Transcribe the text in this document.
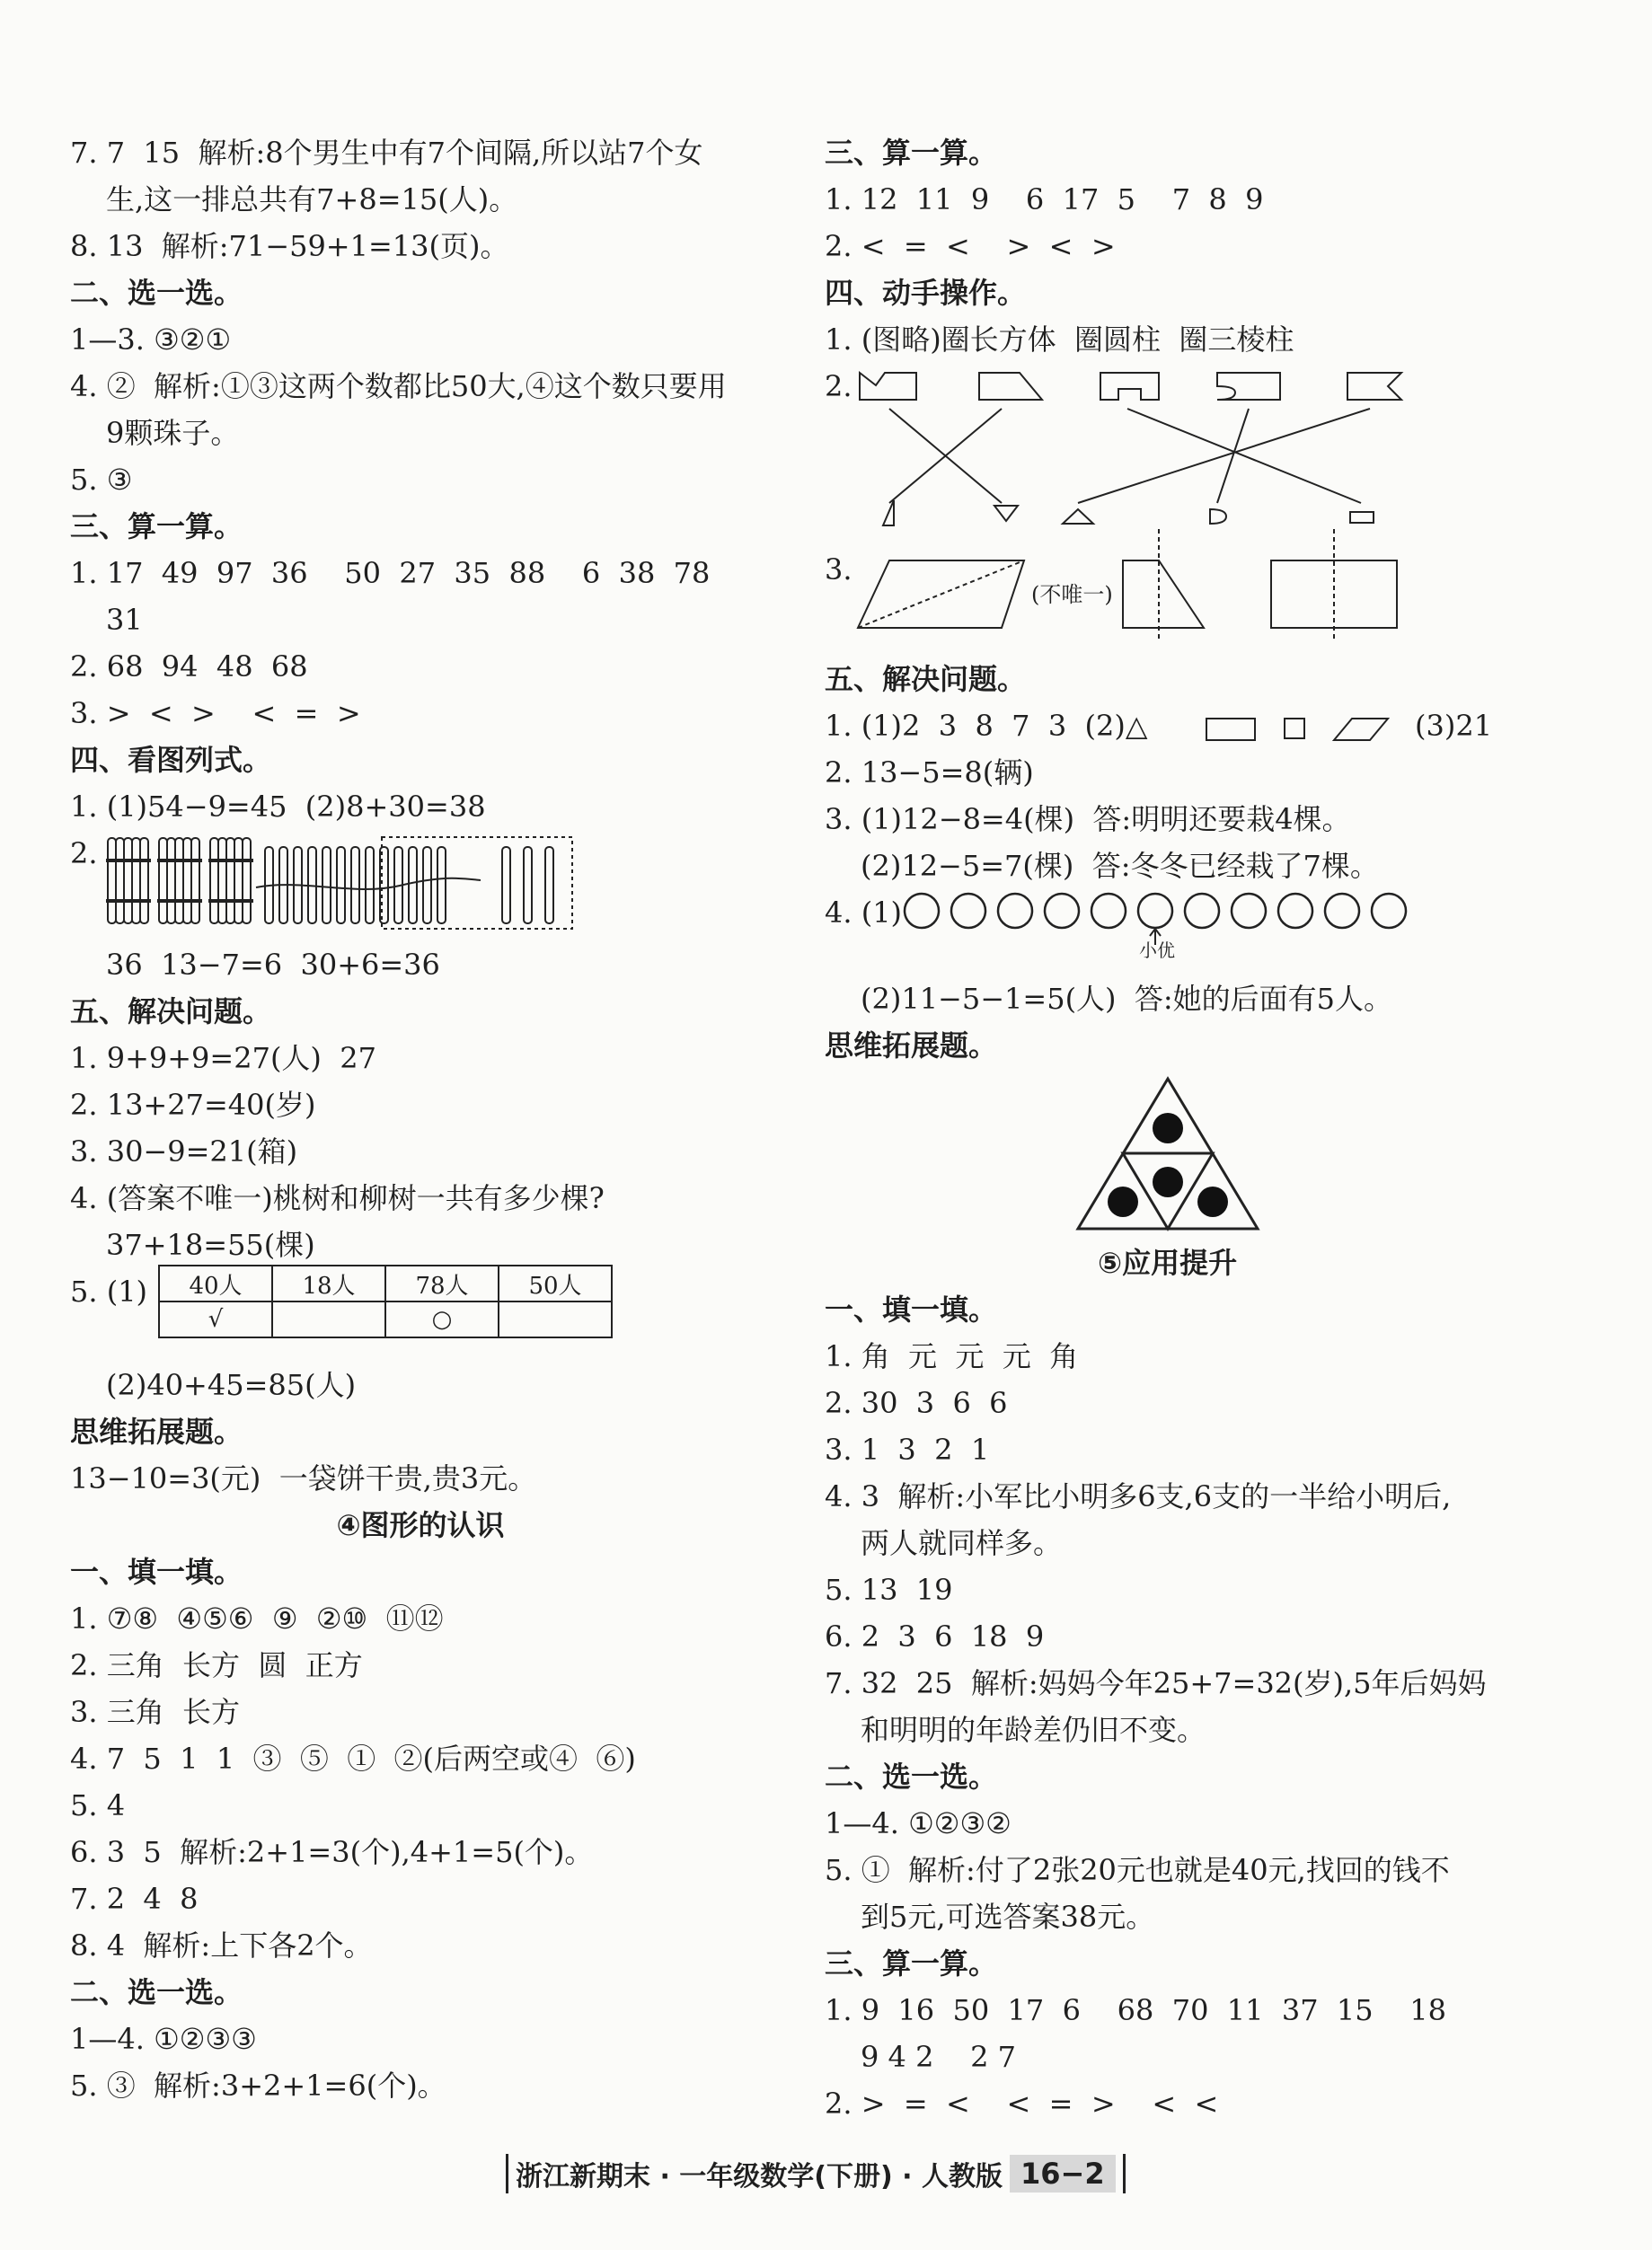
7. 7  15  解析:8个男生中有7个间隔,所以站7个女
生,这一排总共有7+8=15(人)。
8. 13  解析:71−59+1=13(页)。
二、选一选。
1—3. ③②①
4. ②  解析:①③这两个数都比50大,④这个数只要用
9颗珠子。
5. ③
三、算一算。
1. 17  49  97  36    50  27  35  88    6  38  78
31
2. 68  94  48  68
3. >  <  >    <  =  >
四、看图列式。
1. (1)54−9=45  (2)8+30=38
2.
36  13−7=6  30+6=36
五、解决问题。
1. 9+9+9=27(人)  27
2. 13+27=40(岁)
3. 30−9=21(箱)
4. (答案不唯一)桃树和柳树一共有多少棵?
37+18=55(棵)
5. (1) 40人	18人	78人	50人
√		○	
(2)40+45=85(人)
思维拓展题。
13−10=3(元)  一袋饼干贵,贵3元。
④图形的认识
一、填一填。
1. ⑦⑧  ④⑤⑥  ⑨  ②⑩  ⑪⑫
2. 三角  长方  圆  正方
3. 三角  长方
4. 7  5  1  1  ③  ⑤  ①  ②(后两空或④  ⑥)
5. 4
6. 3  5  解析:2+1=3(个),4+1=5(个)。
7. 2  4  8
8. 4  解析:上下各2个。
二、选一选。
1—4. ①②③③
5. ③  解析:3+2+1=6(个)。
三、算一算。
1. 12  11  9    6  17  5    7  8  9
2. <  =  <    >  <  >
四、动手操作。
1. (图略)圈长方体  圈圆柱  圈三棱柱
2.
3.
(不唯一)
五、解决问题。
1. (1)2  3  8  7  3  (2)△	(3)21
2. 13−5=8(辆)
3. (1)12−8=4(棵)  答:明明还要栽4棵。
(2)12−5=7(棵)  答:冬冬已经栽了7棵。
4. (1)
小优
(2)11−5−1=5(人)  答:她的后面有5人。
思维拓展题。
⑤应用提升
一、填一填。
1. 角  元  元  元  角
2. 30  3  6  6
3. 1  3  2  1
4. 3  解析:小军比小明多6支,6支的一半给小明后,
两人就同样多。
5. 13  19
6. 2  3  6  18  9
7. 32  25  解析:妈妈今年25+7=32(岁),5年后妈妈
和明明的年龄差仍旧不变。
二、选一选。
1—4. ①②③②
5. ①  解析:付了2张20元也就是40元,找回的钱不
到5元,可选答案38元。
三、算一算。
1. 9  16  50  17  6    68  70  11  37  15    18
9 4 2    2 7
2. >  =  <    <  =  >    <  <
浙江新期末 · 一年级数学(下册) · 人教版 16−2
